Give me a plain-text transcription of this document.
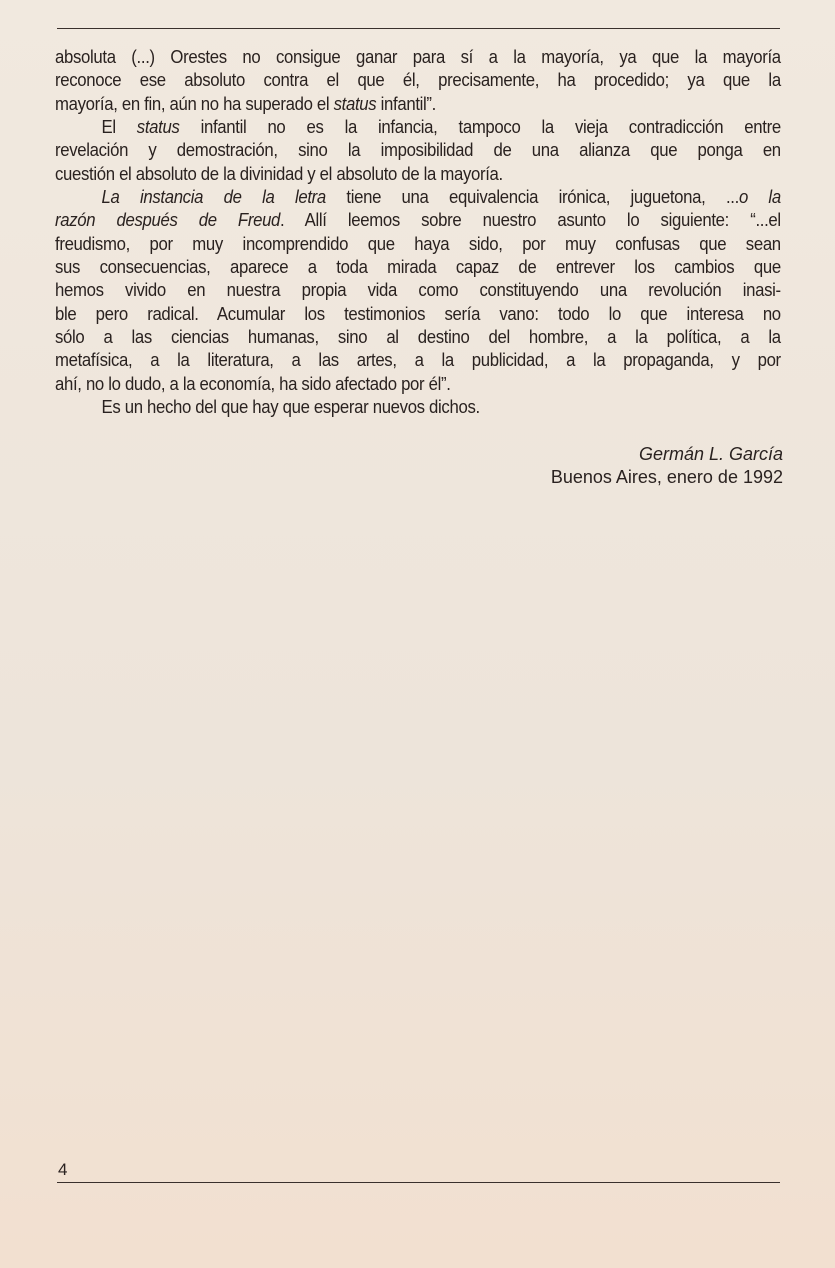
absoluta (...) Orestes no consigue ganar para sí a la mayoría, ya que la mayoría
reconoce ese absoluto contra el que él, precisamente, ha procedido; ya que la
mayoría, en fin, aún no ha superado el status infantil”.
El status infantil no es la infancia, tampoco la vieja contradicción entre
revelación y demostración, sino la imposibilidad de una alianza que ponga en
cuestión el absoluto de la divinidad y el absoluto de la mayoría.
La instancia de la letra tiene una equivalencia irónica, juguetona, ...o la
razón después de Freud. Allí leemos sobre nuestro asunto lo siguiente: “...el
freudismo, por muy incomprendido que haya sido, por muy confusas que sean
sus consecuencias, aparece a toda mirada capaz de entrever los cambios que
hemos vivido en nuestra propia vida como constituyendo una revolución inasi-
ble pero radical. Acumular los testimonios sería vano: todo lo que interesa no
sólo a las ciencias humanas, sino al destino del hombre, a la política, a la
metafísica, a la literatura, a las artes, a la publicidad, a la propaganda, y por
ahí, no lo dudo, a la economía, ha sido afectado por él”.
Es un hecho del que hay que esperar nuevos dichos.
Germán L. García
Buenos Aires, enero de 1992
4
